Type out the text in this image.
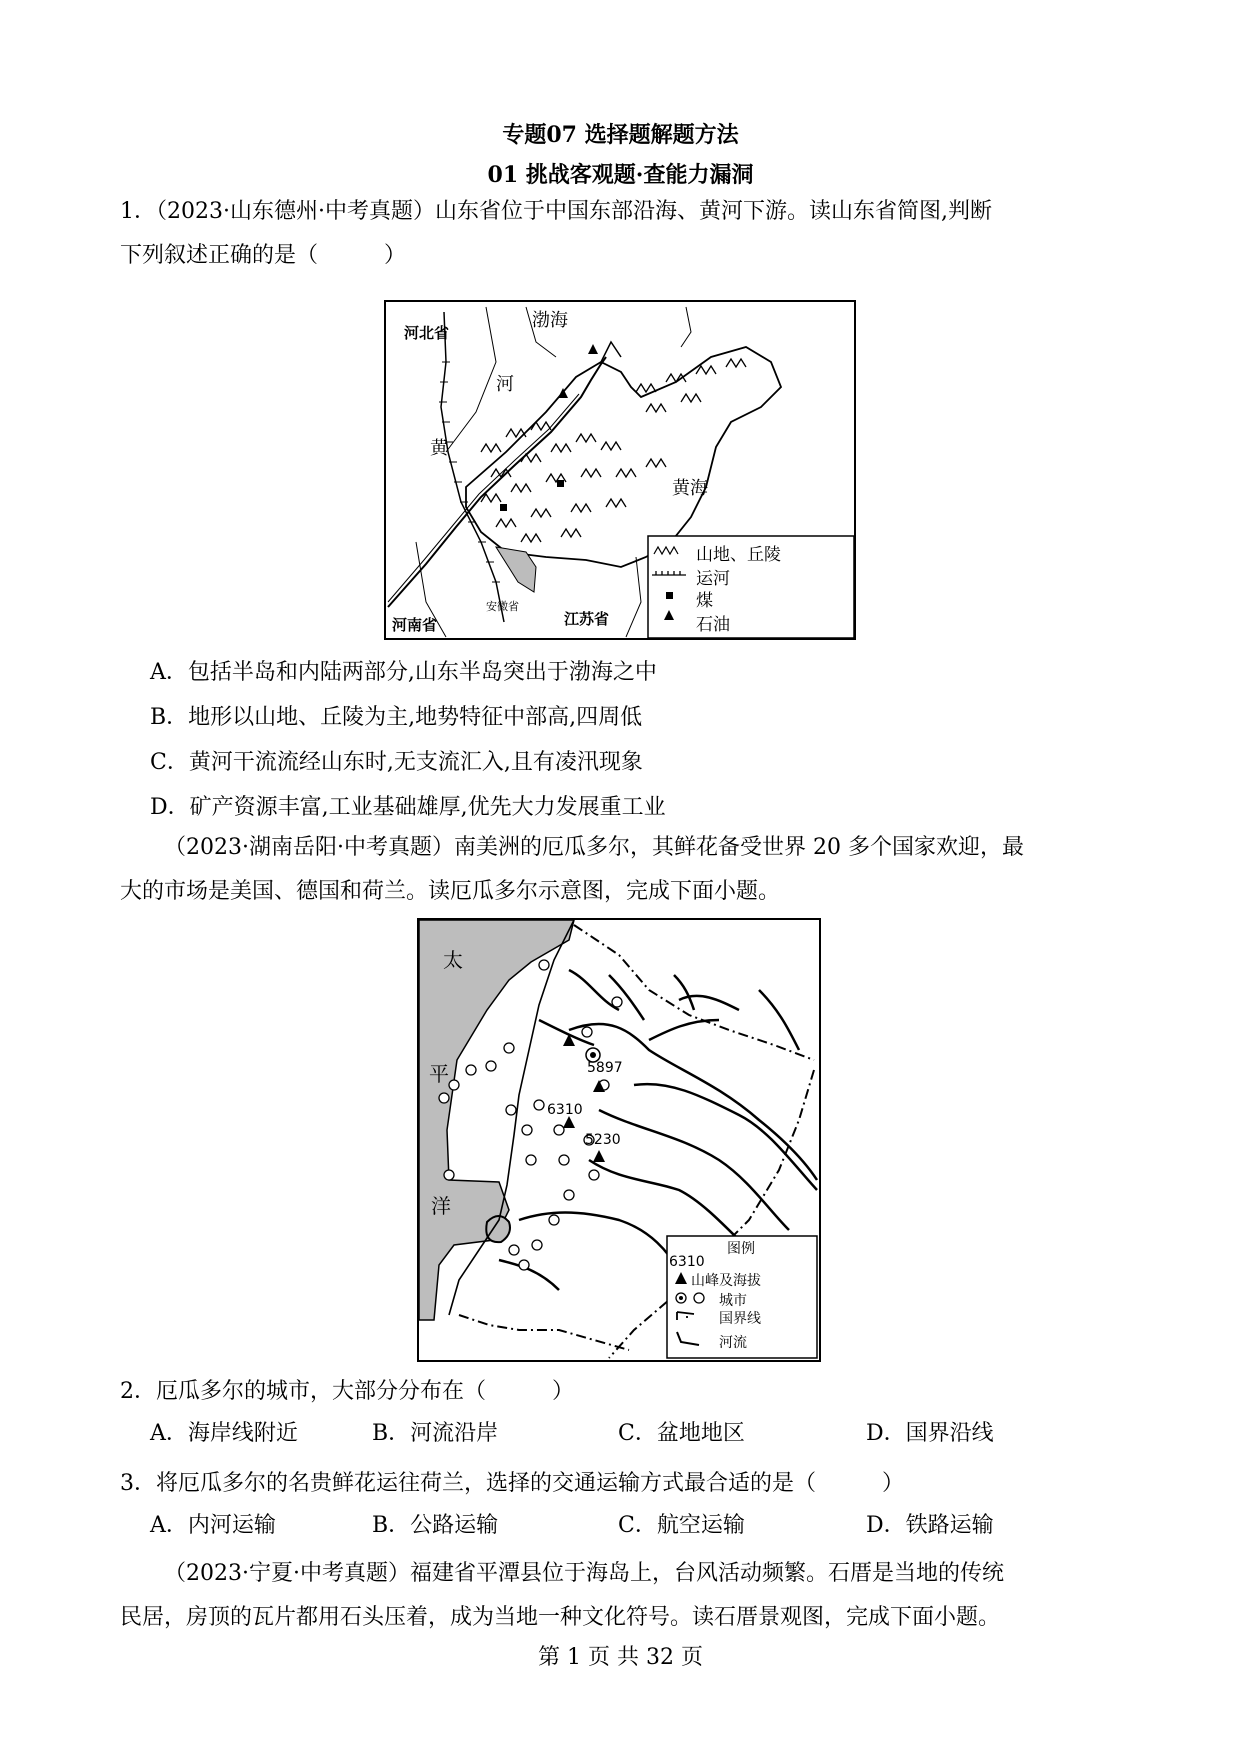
专题07 选择题解题方法
01 挑战客观题·查能力漏洞
1．（2023·山东德州·中考真题）山东省位于中国东部沿海、黄河下游。读山东省简图,判断
下列叙述正确的是（　　　）
河北省
渤海
河
黄
黄海
河南省
安徽省
江苏省
山地、丘陵
运河
煤
石油
A．包括半岛和内陆两部分,山东半岛突出于渤海之中
B．地形以山地、丘陵为主,地势特征中部高,四周低
C．黄河干流流经山东时,无支流汇入,且有凌汛现象
D．矿产资源丰富,工业基础雄厚,优先大力发展重工业
（2023·湖南岳阳·中考真题）南美洲的厄瓜多尔，其鲜花备受世界 20 多个国家欢迎，最
大的市场是美国、德国和荷兰。读厄瓜多尔示意图，完成下面小题。
太
平
洋
5897
6310
5230
图例
6310
山峰及海拔
城市
国界线
河流
2．厄瓜多尔的城市，大部分分布在（　　　）
A．海岸线附近	B．河流沿岸	C．盆地地区	D．国界沿线
3．将厄瓜多尔的名贵鲜花运往荷兰，选择的交通运输方式最合适的是（　　　）
A．内河运输	B．公路运输	C．航空运输	D．铁路运输
（2023·宁夏·中考真题）福建省平潭县位于海岛上，台风活动频繁。石厝是当地的传统
民居，房顶的瓦片都用石头压着，成为当地一种文化符号。读石厝景观图，完成下面小题。
第 1 页 共 32 页
